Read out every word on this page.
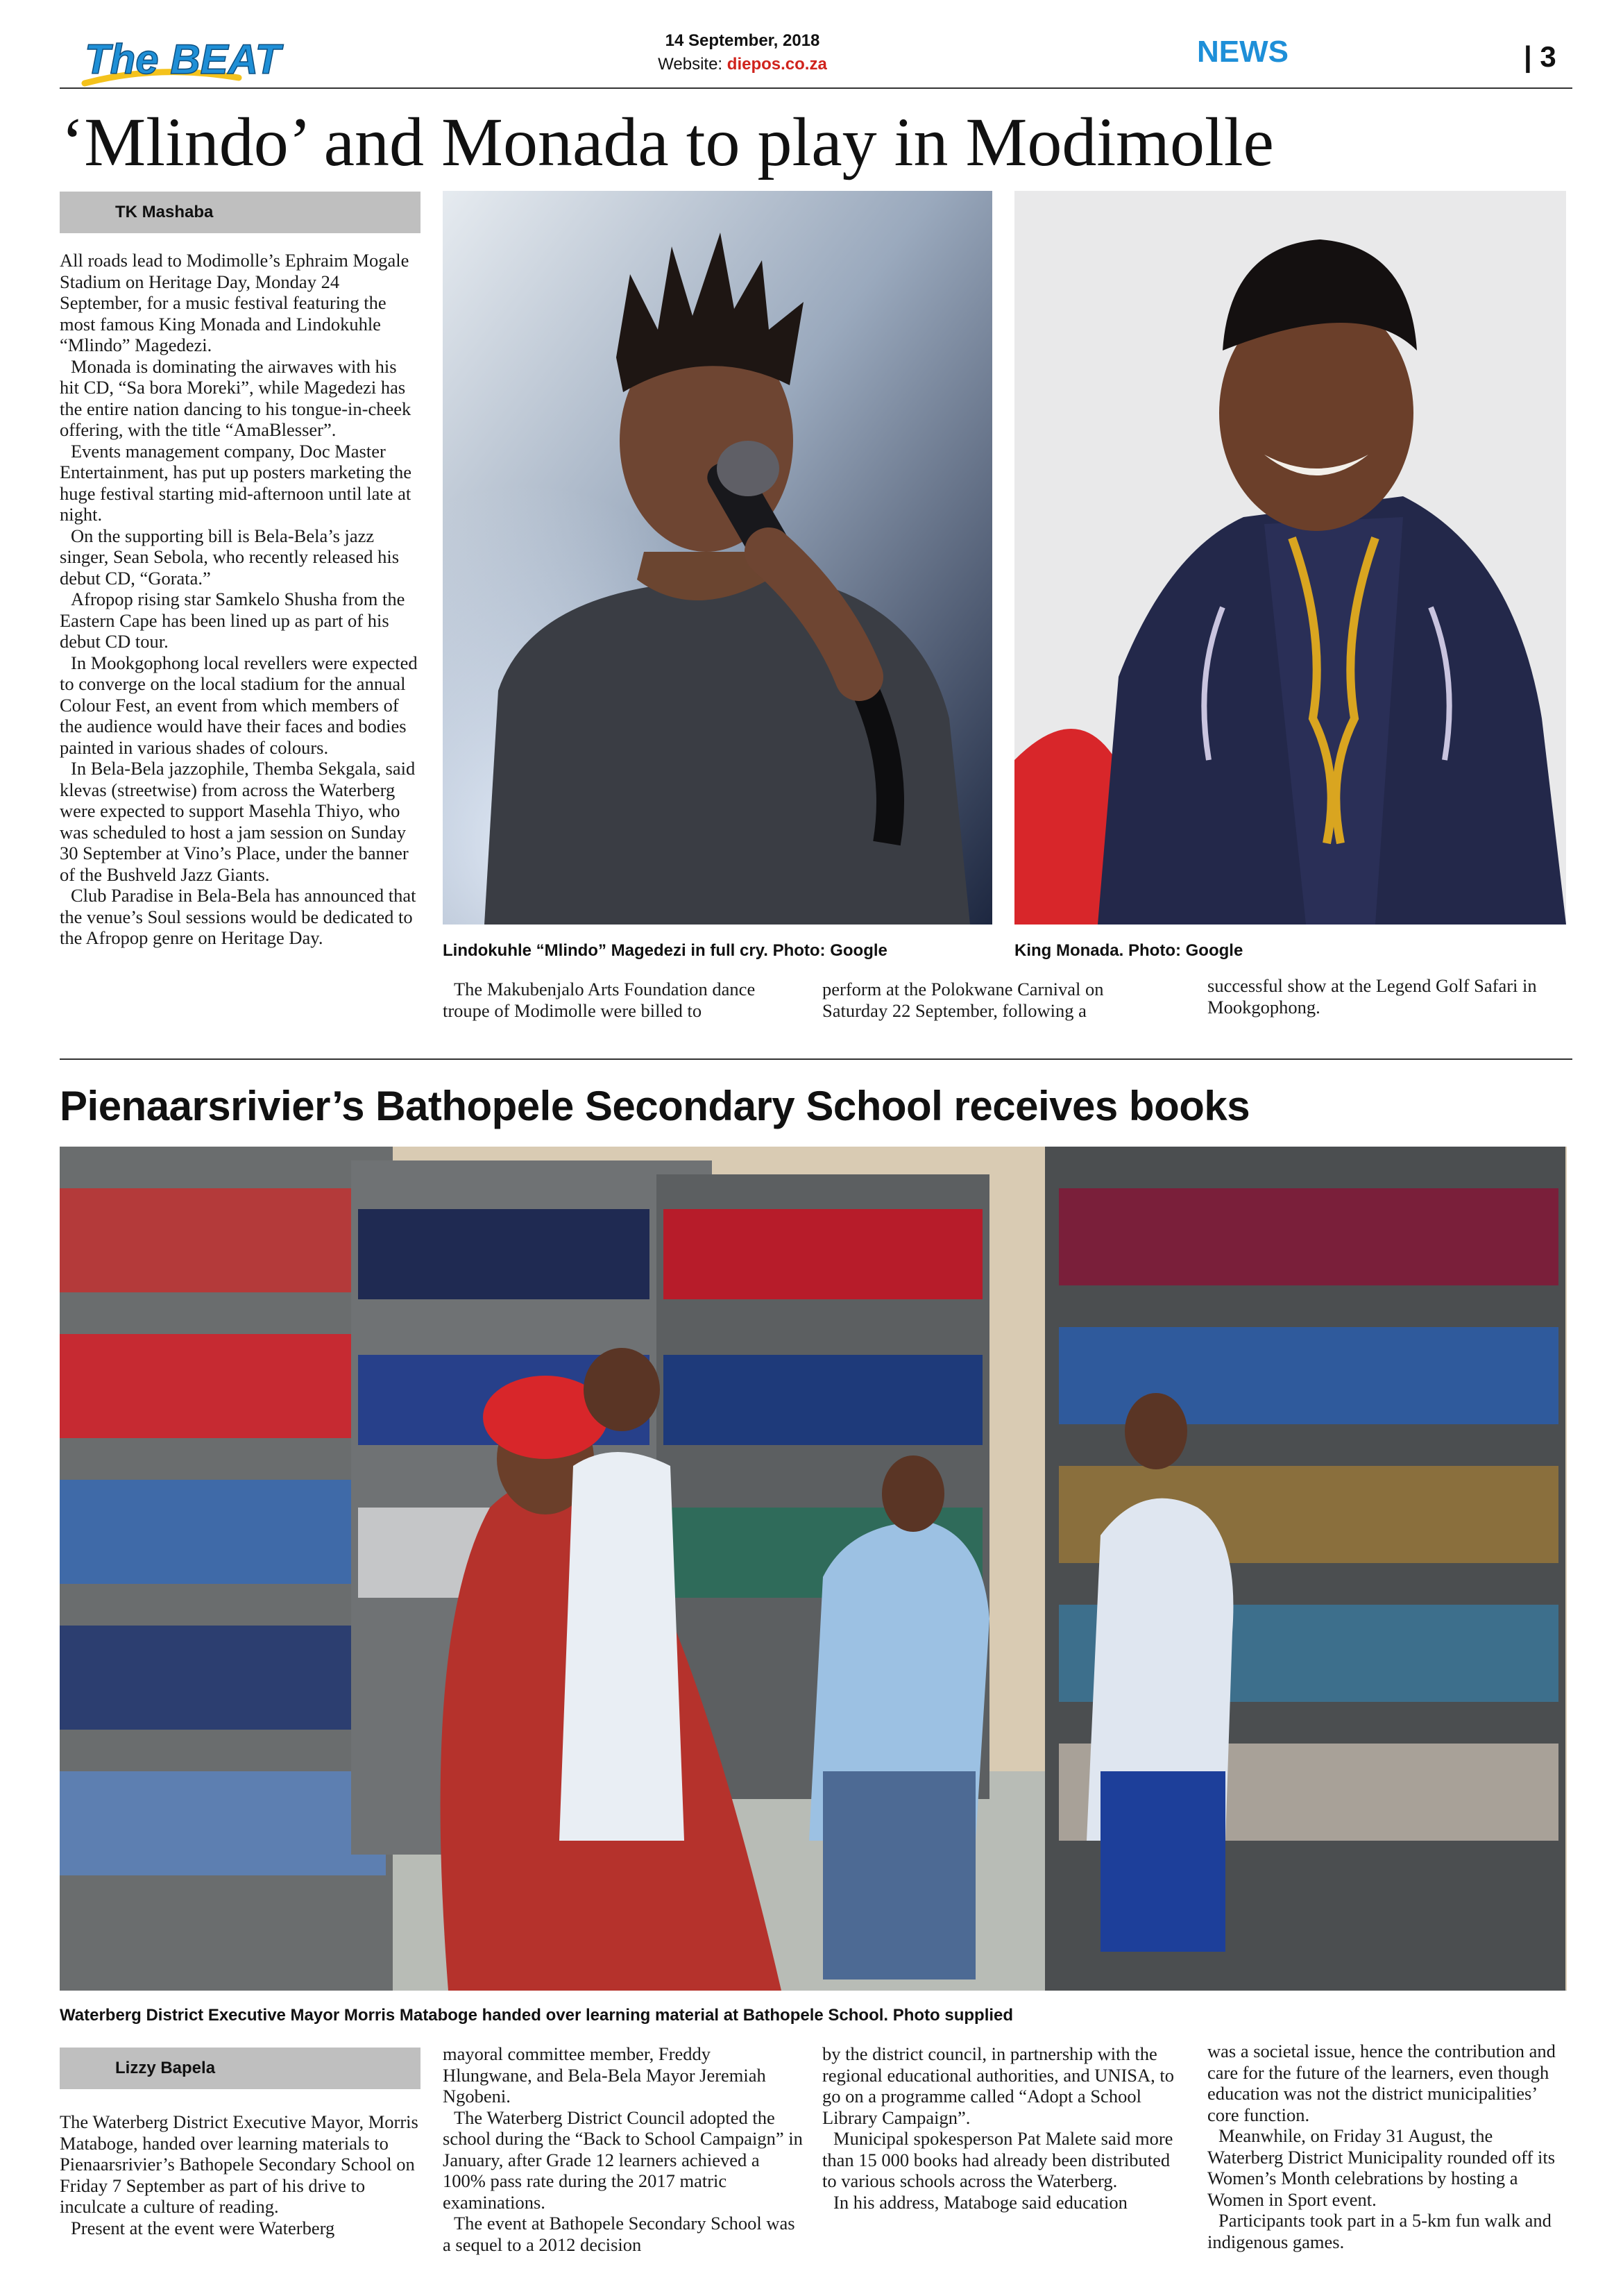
The BEAT	14 September, 2018
Website: diepos.co.za	NEWS	| 3
‘Mlindo’ and Monada to play in Modimolle
TK Mashaba

All roads lead to Modimolle’s Ephraim Mogale Stadium on Heritage Day, Monday 24 September, for a music festival featuring the most famous King Monada and Lindokuhle “Mlindo” Magedezi.

Monada is dominating the airwaves with his hit CD, “Sa bora Moreki”, while Magedezi has the entire nation dancing to his tongue-in-cheek offering, with the title “AmaBlesser”.

Events management company, Doc Master Entertainment, has put up posters marketing the huge festival starting mid-afternoon until late at night.

On the supporting bill is Bela-Bela’s jazz singer, Sean Sebola, who recently released his debut CD, “Gorata.”

Afropop rising star Samkelo Shusha from the Eastern Cape has been lined up as part of his debut CD tour.

In Mookgophong local revellers were expected to converge on the local stadium for the annual Colour Fest, an event from which members of the audience would have their faces and bodies painted in various shades of colours.

In Bela-Bela jazzophile, Themba Sekgala, said klevas (streetwise) from across the Waterberg were expected to support Masehla Thiyo, who was scheduled to host a jam session on Sunday 30 September at Vino’s Place, under the banner of the Bushveld Jazz Giants.

Club Paradise in Bela-Bela has announced that the venue’s Soul sessions would be dedicated to the Afropop genre on Heritage Day.

Lindokuhle “Mlindo” Magedezi in full cry. Photo: Google	King Monada. Photo: Google

The Makubenjalo Arts Foundation dance troupe of Modimolle were billed to

perform at the Polokwane Carnival on Saturday 22 September, following a

successful show at the Legend Golf Safari in Mookgophong.

Pienaarsrivier’s Bathopele Secondary School receives books
Waterberg District Executive Mayor Morris Mataboge handed over learning material at Bathopele School. Photo supplied
Lizzy Bapela

The Waterberg District Executive Mayor, Morris Mataboge, handed over learning materials to Pienaarsrivier’s Bathopele Secondary School on Friday 7 September as part of his drive to inculcate a culture of reading.

Present at the event were Waterberg

mayoral committee member, Freddy Hlungwane, and Bela-Bela Mayor Jeremiah Ngobeni.

The Waterberg District Council adopted the school during the “Back to School Campaign” in January, after Grade 12 learners achieved a 100% pass rate during the 2017 matric examinations.

The event at Bathopele Secondary School was a sequel to a 2012 decision

by the district council, in partnership with the regional educational authorities, and UNISA, to go on a programme called “Adopt a School Library Campaign”.

Municipal spokesperson Pat Malete said more than 15 000 books had already been distributed to various schools across the Waterberg.

In his address, Mataboge said education

was a societal issue, hence the contribution and care for the future of the learners, even though education was not the district municipalities’ core function.

Meanwhile, on Friday 31 August, the Waterberg District Municipality rounded off its Women’s Month celebrations by hosting a Women in Sport event.

Participants took part in a 5-km fun walk and indigenous games.
